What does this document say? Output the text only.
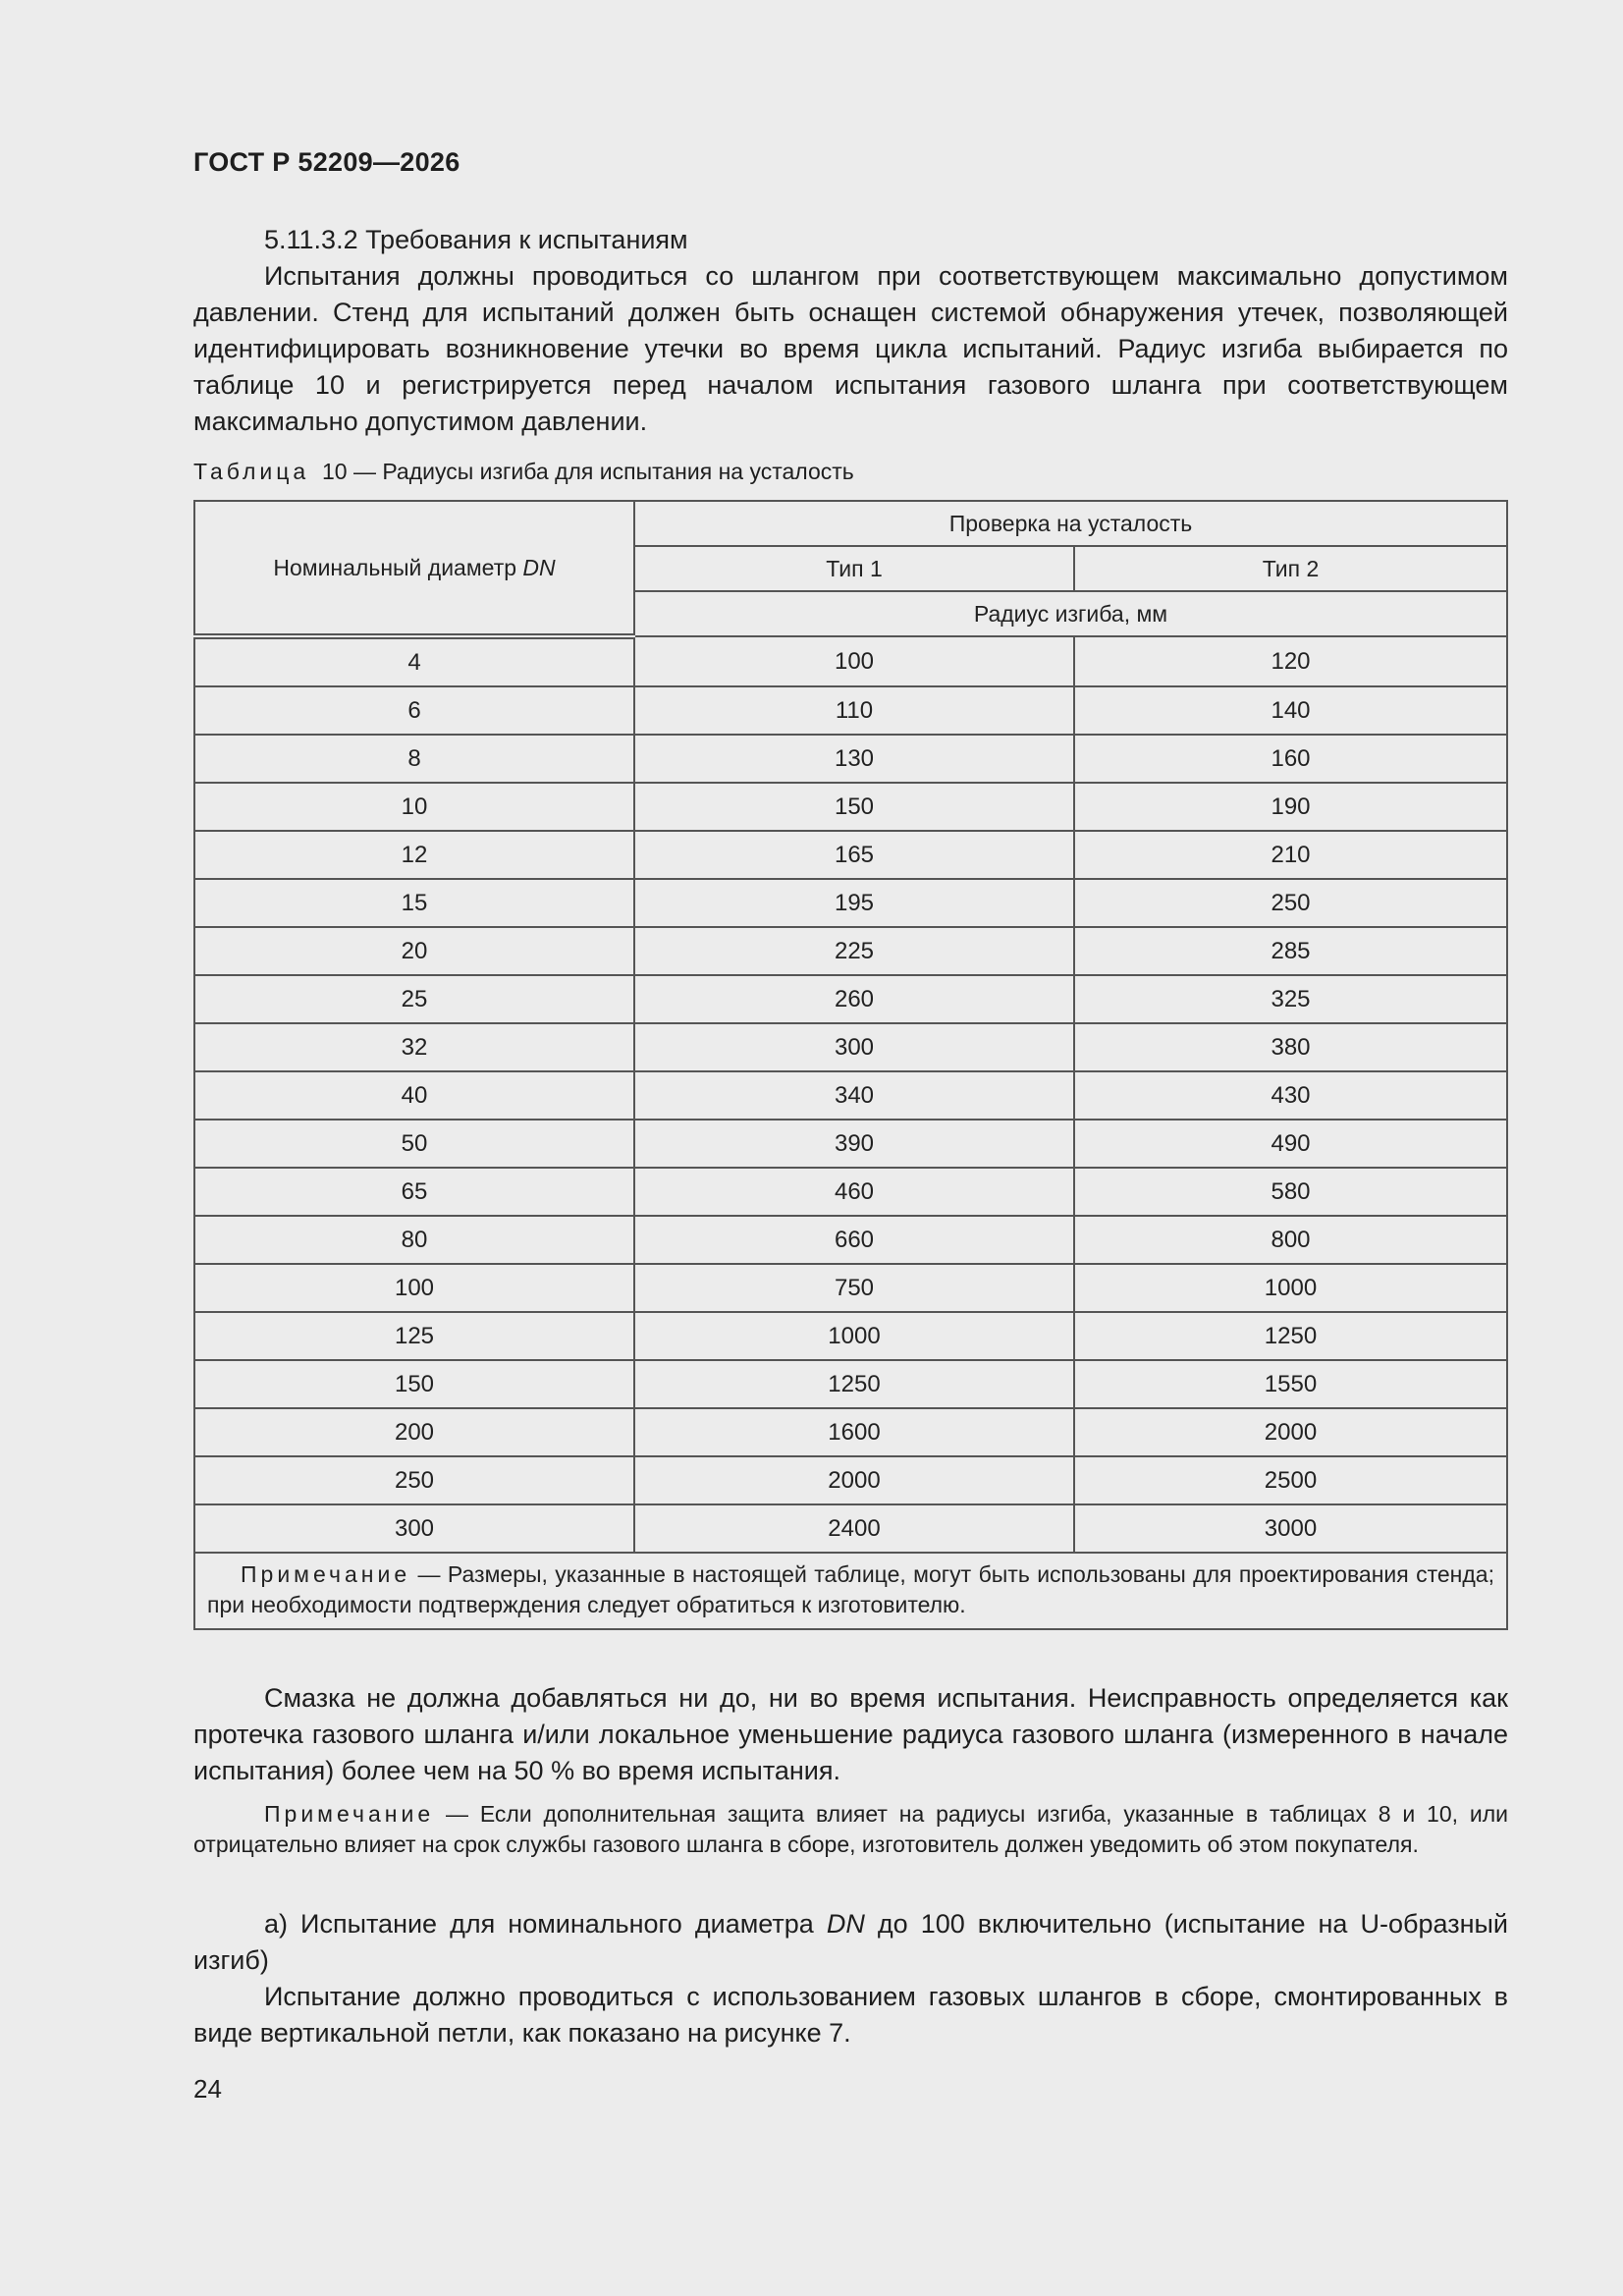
ГОСТ Р 52209—2026

5.11.3.2 Требования к испытаниям

Испытания должны проводиться со шлангом при соответствующем максимально допустимом давлении. Стенд для испытаний должен быть оснащен системой обнаружения утечек, позволяющей идентифицировать возникновение утечки во время цикла испытаний. Радиус изгиба выбирается по таблице 10 и регистрируется перед началом испытания газового шланга при соответствующем максимально допустимом давлении.

Таблица 10 — Радиусы изгиба для испытания на усталость
Номинальный диаметр DN	Проверка на усталость	
	Тип 1	Тип 2
	Радиус изгиба, мм	
4	100	120
6	110	140
8	130	160
10	150	190
12	165	210
15	195	250
20	225	285
25	260	325
32	300	380
40	340	430
50	390	490
65	460	580
80	660	800
100	750	1000
125	1000	1250
150	1250	1550
200	1600	2000
250	2000	2500
300	2400	3000
Примечание — Размеры, указанные в настоящей таблице, могут быть использованы для проектирования стенда; при необходимости подтверждения следует обратиться к изготовителю.		

Смазка не должна добавляться ни до, ни во время испытания. Неисправность определяется как протечка газового шланга и/или локальное уменьшение радиуса газового шланга (измеренного в начале испытания) более чем на 50 % во время испытания.

Примечание — Если дополнительная защита влияет на радиусы изгиба, указанные в таблицах 8 и 10, или отрицательно влияет на срок службы газового шланга в сборе, изготовитель должен уведомить об этом покупателя.

а) Испытание для номинального диаметра DN до 100 включительно (испытание на U-образный изгиб)

Испытание должно проводиться с использованием газовых шлангов в сборе, смонтированных в виде вертикальной петли, как показано на рисунке 7.

24
